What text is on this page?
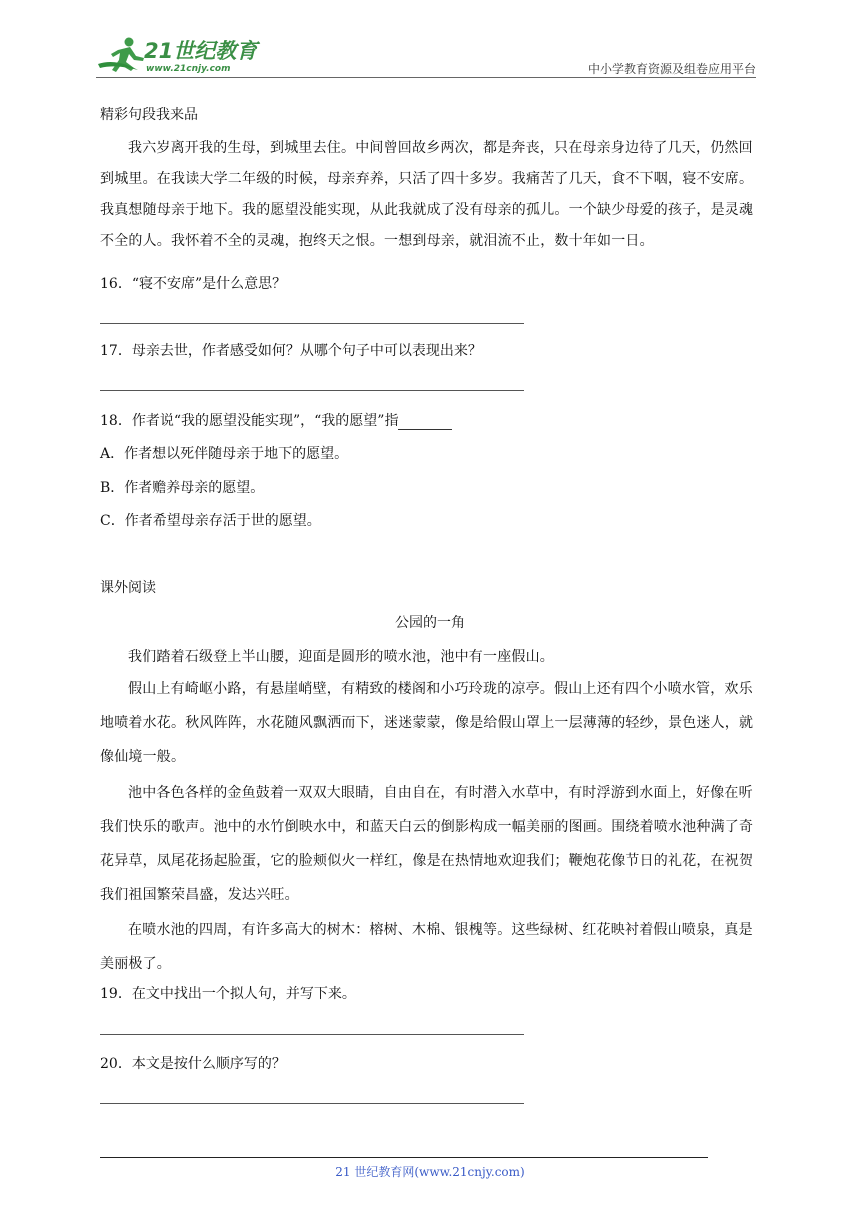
21世纪教育
www.21cnjy.com	中小学教育资源及组卷应用平台
精彩句段我来品
我六岁离开我的生母，到城里去住。中间曾回故乡两次，都是奔丧，只在母亲身边待了几天，仍然回到城里。在我读大学二年级的时候，母亲弃养，只活了四十多岁。我痛苦了几天，食不下咽，寝不安席。我真想随母亲于地下。我的愿望没能实现，从此我就成了没有母亲的孤儿。一个缺少母爱的孩子，是灵魂不全的人。我怀着不全的灵魂，抱终天之恨。一想到母亲，就泪流不止，数十年如一日。
16．“寝不安席”是什么意思？
17．母亲去世，作者感受如何？从哪个句子中可以表现出来？
18．作者说“我的愿望没能实现”，“我的愿望”指
A．作者想以死伴随母亲于地下的愿望。
B．作者赡养母亲的愿望。
C．作者希望母亲存活于世的愿望。
课外阅读
公园的一角
我们踏着石级登上半山腰，迎面是圆形的喷水池，池中有一座假山。
假山上有崎岖小路，有悬崖峭壁，有精致的楼阁和小巧玲珑的凉亭。假山上还有四个小喷水管，欢乐地喷着水花。秋风阵阵，水花随风飘洒而下，迷迷蒙蒙，像是给假山罩上一层薄薄的轻纱，景色迷人，就像仙境一般。
池中各色各样的金鱼鼓着一双双大眼睛，自由自在，有时潜入水草中，有时浮游到水面上，好像在听我们快乐的歌声。池中的水竹倒映水中，和蓝天白云的倒影构成一幅美丽的图画。围绕着喷水池种满了奇花异草，凤尾花扬起脸蛋，它的脸颊似火一样红，像是在热情地欢迎我们；鞭炮花像节日的礼花，在祝贺我们祖国繁荣昌盛，发达兴旺。
在喷水池的四周，有许多高大的树木：榕树、木棉、银槐等。这些绿树、红花映衬着假山喷泉，真是美丽极了。
19．在文中找出一个拟人句，并写下来。
20．本文是按什么顺序写的？
21 世纪教育网(www.21cnjy.com)
